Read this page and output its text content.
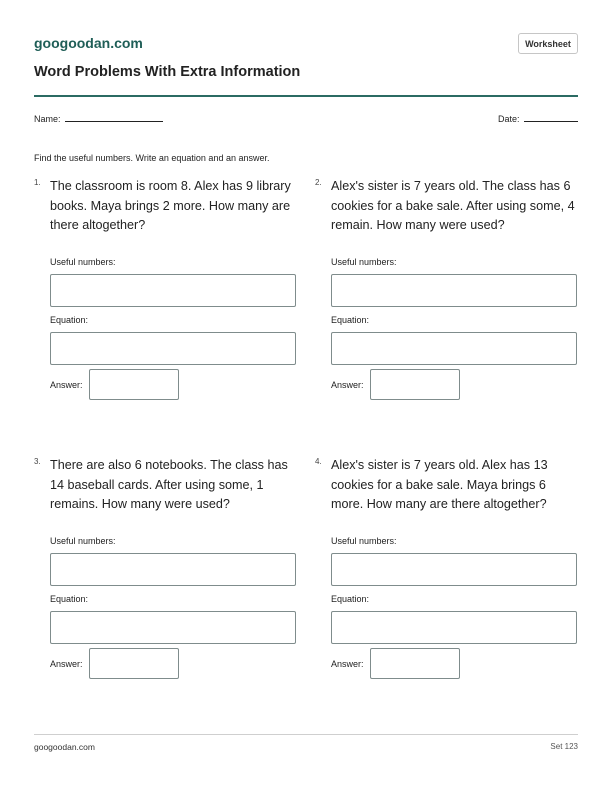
googoodan.com	Worksheet
Word Problems With Extra Information
Name:	Date:
Find the useful numbers. Write an equation and an answer.
1. The classroom is room 8. Alex has 9 library books. Maya brings 2 more. How many are there altogether?
Useful numbers:
Equation:
Answer:
2. Alex's sister is 7 years old. The class has 6 cookies for a bake sale. After using some, 4 remain. How many were used?
Useful numbers:
Equation:
Answer:
3. There are also 6 notebooks. The class has 14 baseball cards. After using some, 1 remains. How many were used?
Useful numbers:
Equation:
Answer:
4. Alex's sister is 7 years old. Alex has 13 cookies for a bake sale. Maya brings 6 more. How many are there altogether?
Useful numbers:
Equation:
Answer:
googoodan.com	Set 123
